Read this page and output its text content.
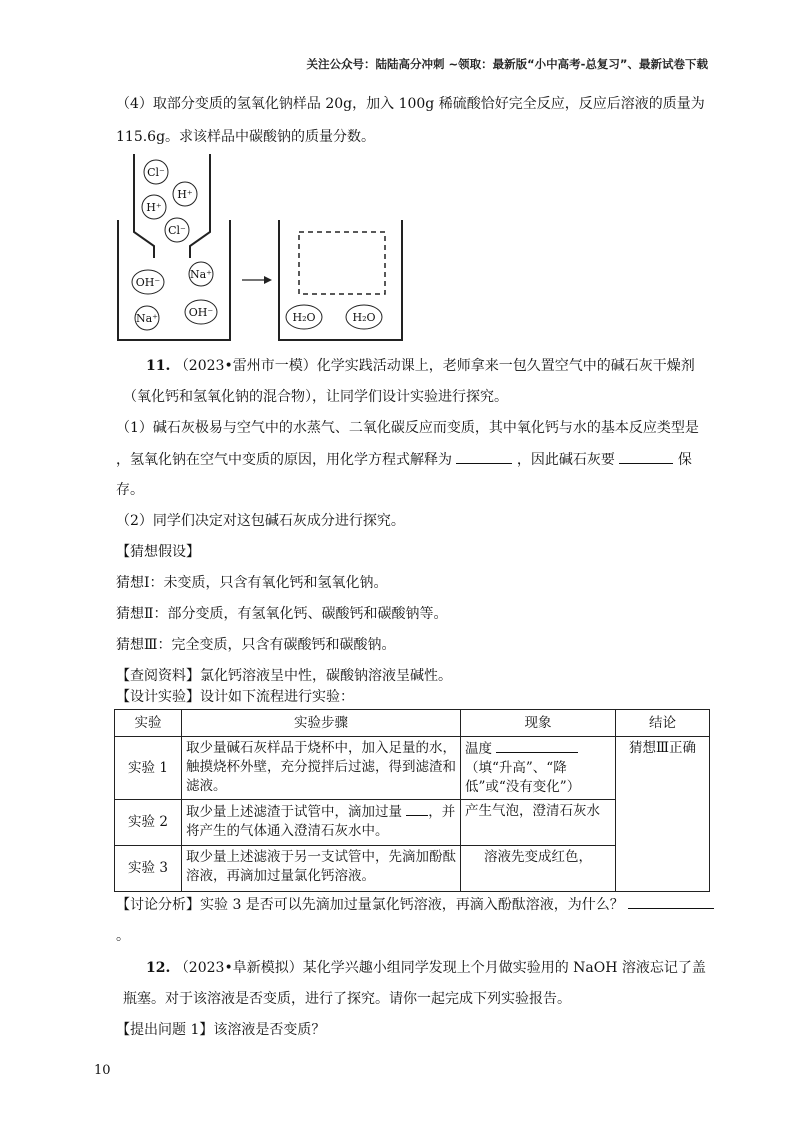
关注公众号：陆陆高分冲刺 ~领取：最新版“小中高考-总复习”、最新试卷下载
（4）取部分变质的氢氧化钠样品 20g，加入 100g 稀硫酸恰好完全反应，反应后溶液的质量为
115.6g。求该样品中碳酸钠的质量分数。
Cl⁻
H⁺
H⁺
Cl⁻
OH⁻
Na⁺
Na⁺	OH⁻	H₂O	H₂O
11. （2023•雷州市一模）化学实践活动课上，老师拿来一包久置空气中的碱石灰干燥剂
（氧化钙和氢氧化钠的混合物），让同学们设计实验进行探究。
（1）碱石灰极易与空气中的水蒸气、二氧化碳反应而变质，其中氧化钙与水的基本反应类型是
，氢氧化钠在空气中变质的原因，用化学方程式解释为	，因此碱石灰要	保
存。
（2）同学们决定对这包碱石灰成分进行探究。
【猜想假设】
猜想Ⅰ：未变质，只含有氧化钙和氢氧化钠。
猜想Ⅱ：部分变质，有氢氧化钙、碳酸钙和碳酸钠等。
猜想Ⅲ：完全变质，只含有碳酸钙和碳酸钠。
【查阅资料】氯化钙溶液呈中性，碳酸钠溶液呈碱性。
【设计实验】设计如下流程进行实验：
实验	实验步骤	现象	结论
实验 1	取少量碱石灰样品于烧杯中，加入足量的水，触摸烧杯外壁，充分搅拌后过滤，得到滤渣和滤液。	温度  （填“升高”、“降低”或“没有变化”）	猜想Ⅲ正确
实验 2	取少量上述滤渣于试管中，滴加过量 ，并将产生的气体通入澄清石灰水中。	产生气泡，澄清石灰水	
实验 3	取少量上述滤液于另一支试管中，先滴加酚酞溶液，再滴加过量氯化钙溶液。	溶液先变成红色，	
【讨论分析】实验 3 是否可以先滴加过量氯化钙溶液，再滴入酚酞溶液，为什么？
。
12. （2023•阜新模拟）某化学兴趣小组同学发现上个月做实验用的 NaOH 溶液忘记了盖
瓶塞。对于该溶液是否变质，进行了探究。请你一起完成下列实验报告。
【提出问题 1】该溶液是否变质？
10
